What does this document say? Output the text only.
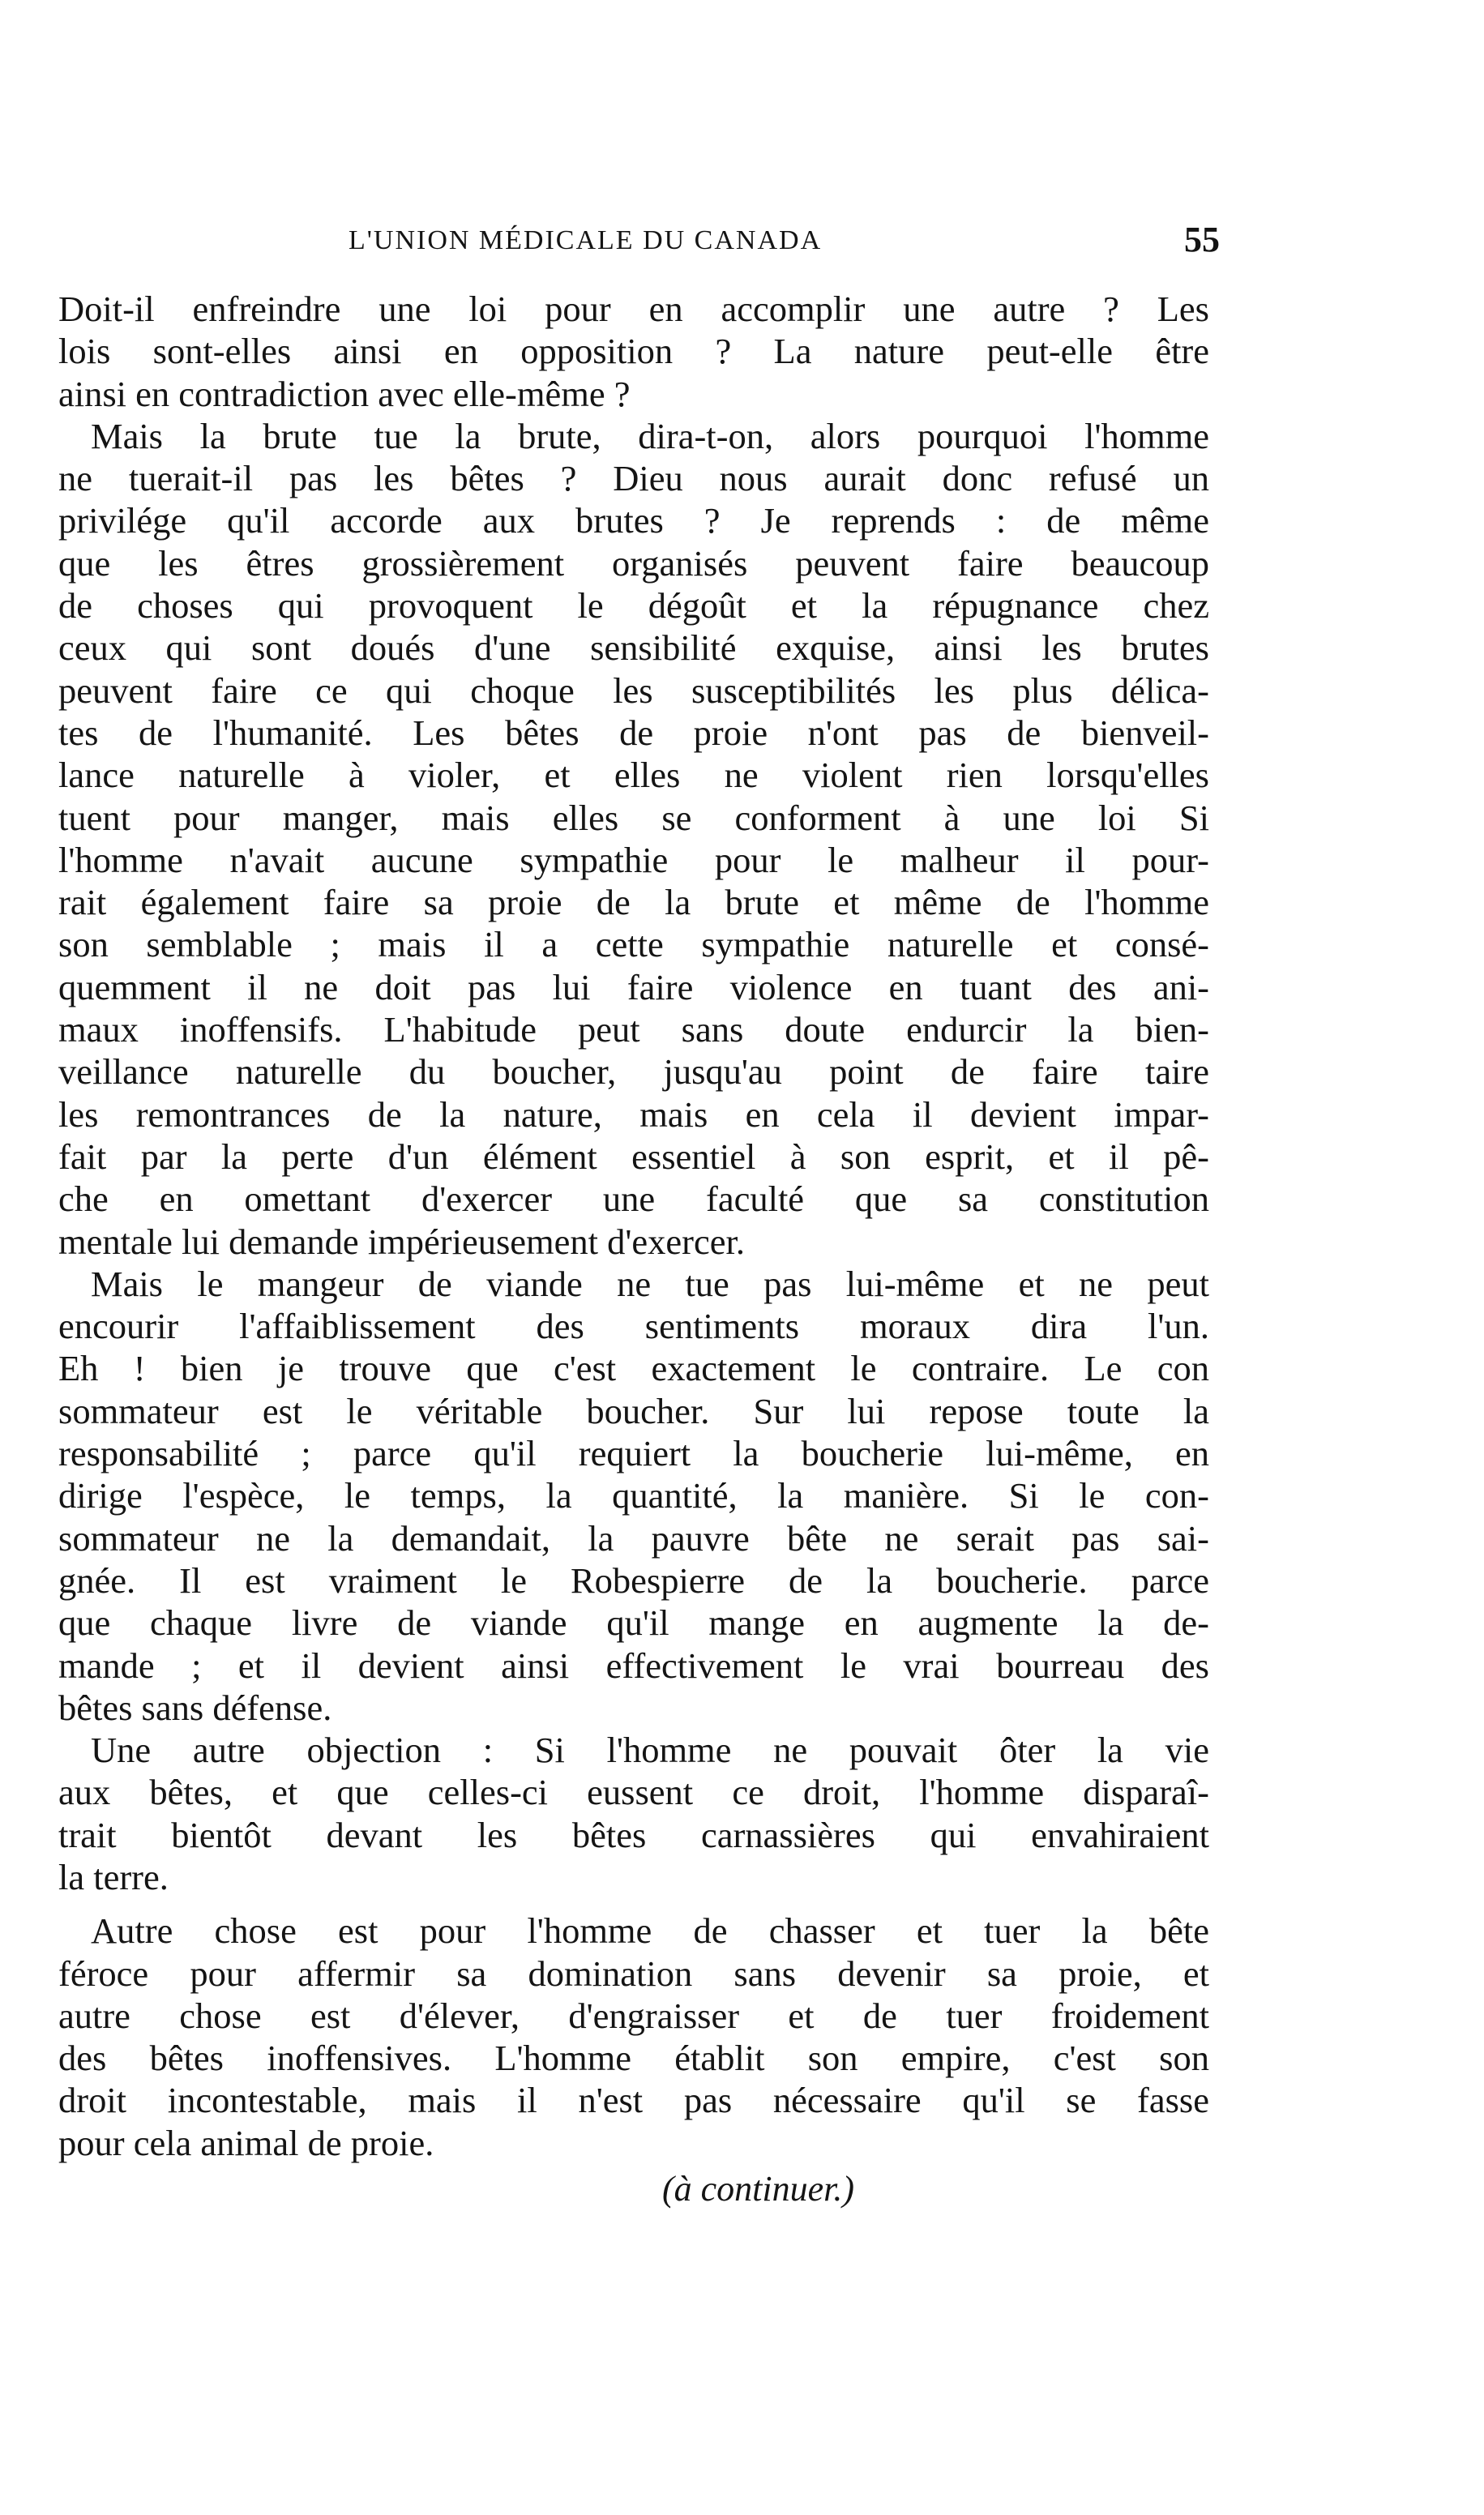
L'UNION MÉDICALE DU CANADA	55
Doit-il enfreindre une loi pour en accomplir une autre ? Les
lois sont-elles ainsi en opposition ? La nature peut-elle être
ainsi en contradiction avec elle-même ?
Mais la brute tue la brute, dira-t-on, alors pourquoi l'homme
ne tuerait-il pas les bêtes ? Dieu nous aurait donc refusé un
privilége qu'il accorde aux brutes ? Je reprends : de même
que les êtres grossièrement organisés peuvent faire beaucoup
de choses qui provoquent le dégoût et la répugnance chez
ceux qui sont doués d'une sensibilité exquise, ainsi les brutes
peuvent faire ce qui choque les susceptibilités les plus délica-
tes de l'humanité. Les bêtes de proie n'ont pas de bienveil-
lance naturelle à violer, et elles ne violent rien lorsqu'elles
tuent pour manger, mais elles se conforment à une loi Si
l'homme n'avait aucune sympathie pour le malheur il pour-
rait également faire sa proie de la brute et même de l'homme
son semblable ; mais il a cette sympathie naturelle et consé-
quemment il ne doit pas lui faire violence en tuant des ani-
maux inoffensifs. L'habitude peut sans doute endurcir la bien-
veillance naturelle du boucher, jusqu'au point de faire taire
les remontrances de la nature, mais en cela il devient impar-
fait par la perte d'un élément essentiel à son esprit, et il pê-
che en omettant d'exercer une faculté que sa constitution
mentale lui demande impérieusement d'exercer.
Mais le mangeur de viande ne tue pas lui-même et ne peut
encourir l'affaiblissement des sentiments moraux dira l'un.
Eh ! bien je trouve que c'est exactement le contraire. Le con
sommateur est le véritable boucher. Sur lui repose toute la
responsabilité ; parce qu'il requiert la boucherie lui-même, en
dirige l'espèce, le temps, la quantité, la manière. Si le con-
sommateur ne la demandait, la pauvre bête ne serait pas sai-
gnée. Il est vraiment le Robespierre de la boucherie. parce
que chaque livre de viande qu'il mange en augmente la de-
mande ; et il devient ainsi effectivement le vrai bourreau des
bêtes sans défense.
Une autre objection : Si l'homme ne pouvait ôter la vie
aux bêtes, et que celles-ci eussent ce droit, l'homme disparaî-
trait bientôt devant les bêtes carnassières qui envahiraient
la terre.
Autre chose est pour l'homme de chasser et tuer la bête
féroce pour affermir sa domination sans devenir sa proie, et
autre chose est d'élever, d'engraisser et de tuer froidement
des bêtes inoffensives. L'homme établit son empire, c'est son
droit incontestable, mais il n'est pas nécessaire qu'il se fasse
pour cela animal de proie.
(à continuer.)
